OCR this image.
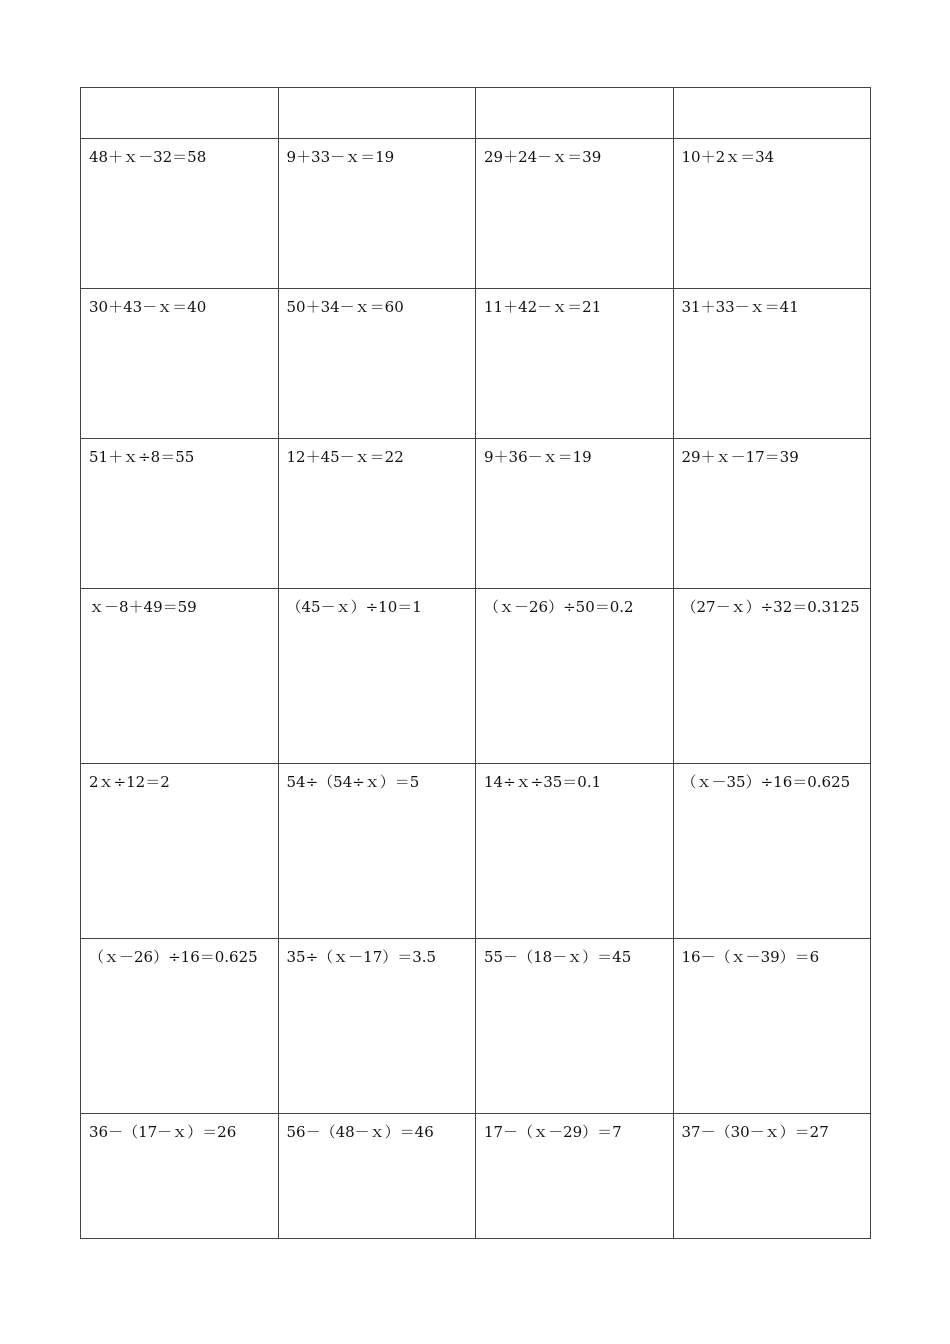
48＋ｘ－32＝58	9＋33－ｘ＝19	29＋24－ｘ＝39	10＋2ｘ＝34
30＋43－ｘ＝40	50＋34－ｘ＝60	11＋42－ｘ＝21	31＋33－ｘ＝41
51＋ｘ÷8＝55	12＋45－ｘ＝22	9＋36－ｘ＝19	29＋ｘ－17＝39
ｘ－8＋49＝59	（45－ｘ）÷10＝1	（ｘ－26）÷50＝0.2	（27－ｘ）÷32＝0.3125
2ｘ÷12＝2	54÷（54÷ｘ）＝5	14÷ｘ÷35＝0.1	（ｘ－35）÷16＝0.625
（ｘ－26）÷16＝0.625	35÷（ｘ－17）＝3.5	55－（18－ｘ）＝45	16－（ｘ－39）＝6
36－（17－ｘ）＝26	56－（48－ｘ）＝46	17－（ｘ－29）＝7	37－（30－ｘ）＝27
